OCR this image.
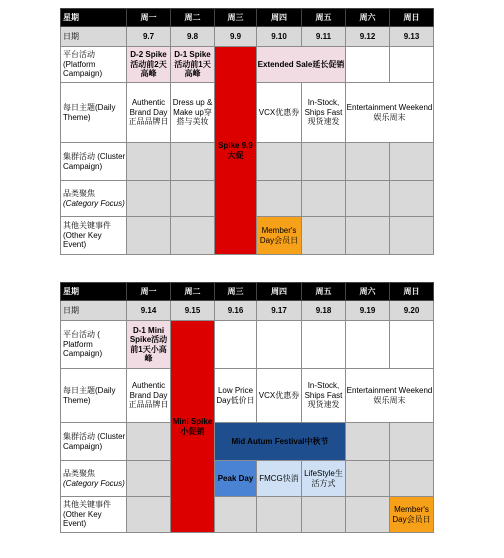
星期	周一	周二	周三	周四	周五	周六	周日
日期	9.7	9.8	9.9	9.10	9.11	9.12	9.13
平台活动
(Platform Campaign)	D-2 Spike活动前2天高峰	D-1 Spike活动前1天高峰	Spike 9.9大促	Extended Sale延长促销			
每日主题(Daily Theme)	Authentic Brand Day正品品牌日	Dress up & Make up穿搭与美妆		VCX优惠券	In-Stock, Ships Fast现货速发	Entertainment Weekend娱乐周末	
集群活动 (Cluster Campaign)							
品类聚焦
(Category Focus)							
其他关键事件 (Other Key Event)				Member's Day会员日			
星期	周一	周二	周三	周四	周五	周六	周日
日期	9.14	9.15	9.16	9.17	9.18	9.19	9.20
平台活动 ( Platform Campaign)	D-1 Mini Spike活动前1天小高峰	Mini Spike小促销					
每日主题(Daily Theme)	Authentic Brand Day正品品牌日		Low Price Day低价日	VCX优惠券	In-Stock, Ships Fast现货速发	Entertainment Weekend娱乐周末	
集群活动 (Cluster Campaign)			Mid Autum Festival中秋节				
品类聚焦
(Category Focus)			Peak Day	FMCG快消	LifeStyle生活方式		
其他关键事件 (Other Key Event)							Member's Day会员日
